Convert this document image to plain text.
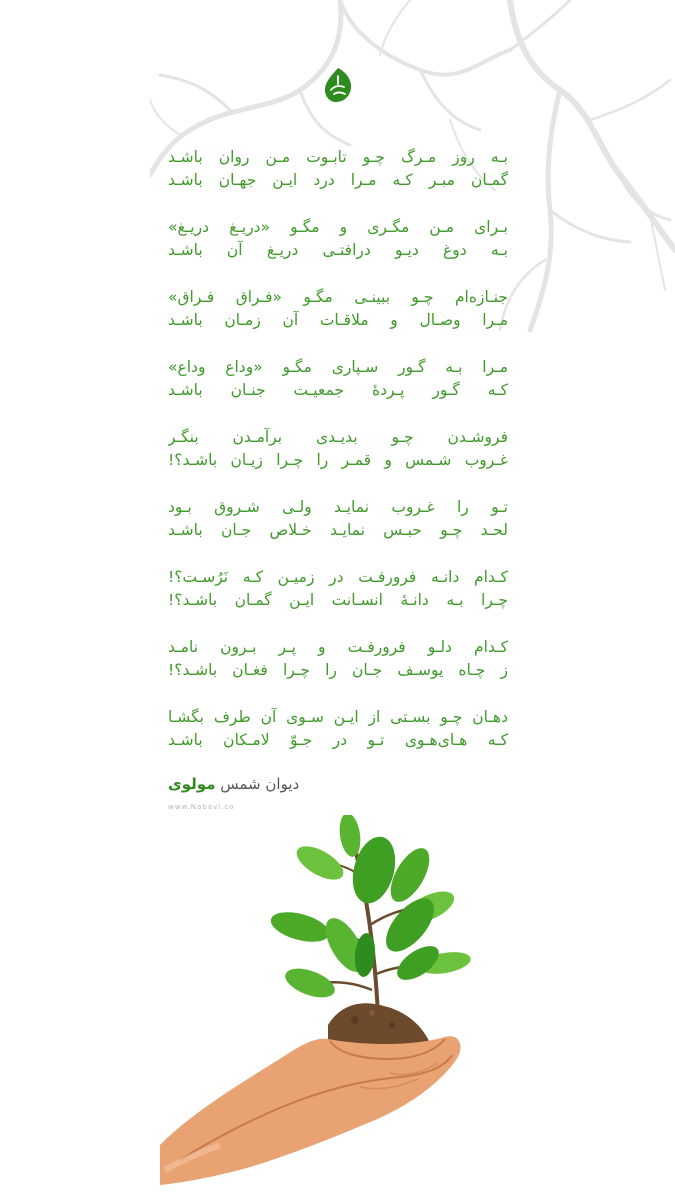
بـه روز مـرگ چـو تابـوت مـن روان باشـد
گمـان مبـر کـه مـرا درد ایـن جهـان باشـد
بـرای مـن مگـری و مگـو «دریـغ دریـغ»
بـه دوغ دیـو درافتـی دریـغ آن باشـد
جنـازه‌ام چـو ببینـی مگـو «فـراق فـراق»
مـرا وصـال و ملاقـات آن زمـان باشـد
مـرا بـه گـور سـپاری مگـو «وداع وداع»
کـه گـور پـردهٔ جمعیـت جنـان باشـد
فروشـدن چـو بدیـدی برآمـدن بنگـر
غـروب شـمس و قمـر را چـرا زیـان باشـد؟!
تـو را غـروب نمایـد ولـی شـروق بـود
لحـد چـو حبـس نمایـد خـلاص جـان باشـد
کـدام دانـه فرورفـت در زمیـن کـه نَرُسـت؟!
چـرا بـه دانـهٔ انسـانت ایـن گمـان باشـد؟!
کـدام دلـو فرورفـت و پـر بـرون نامـد
ز چـاه یوسـف جـان را چـرا فغـان باشـد؟!
دهـان چـو بسـتی از ایـن سـوی آن طرف بگشـا
کـه هـای‌هـوی تـو در جـوّ لامـکان باشـد
دیوان شمس مولوی
www.Nabavi.co
